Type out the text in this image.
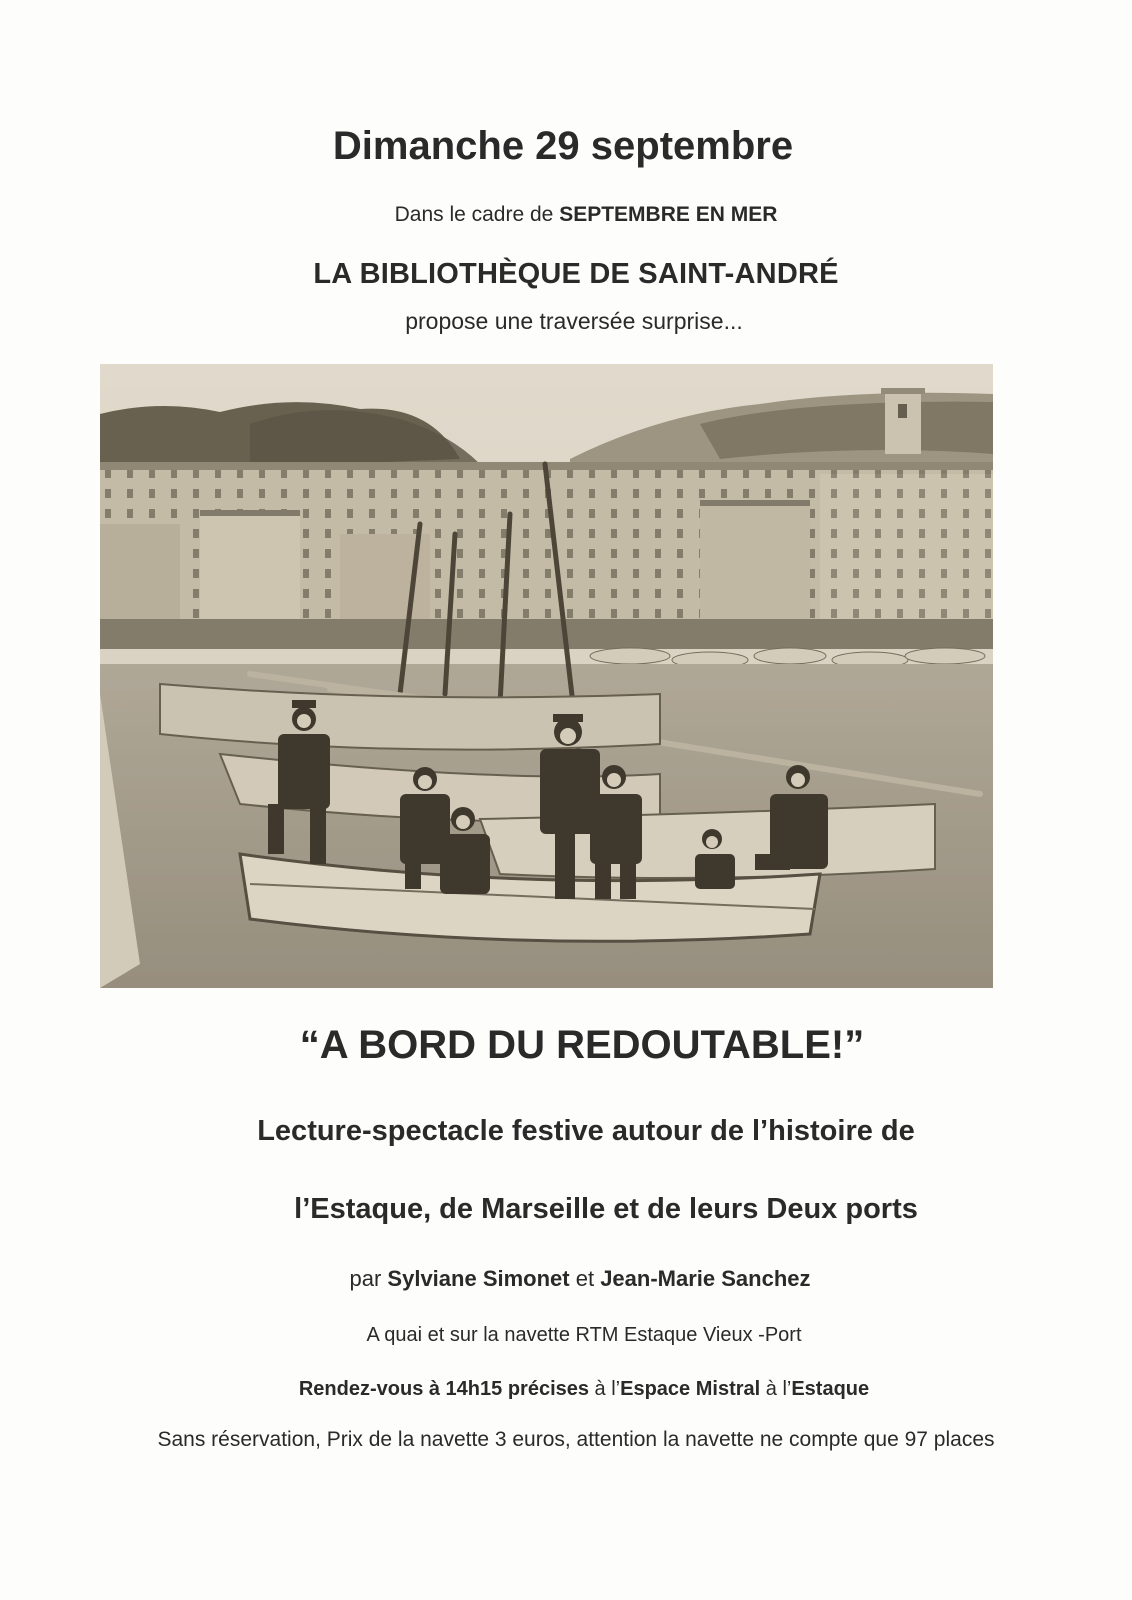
Dimanche 29 septembre
Dans le cadre de SEPTEMBRE EN MER
LA BIBLIOTHÈQUE DE SAINT-ANDRÉ
propose une traversée surprise...
“A BORD DU REDOUTABLE!”
Lecture-spectacle festive autour de l’histoire de
l’Estaque, de Marseille et de leurs Deux ports
par Sylviane Simonet et Jean-Marie Sanchez
A quai et sur la navette RTM Estaque Vieux -Port
Rendez-vous à 14h15 précises à l’Espace Mistral à l’Estaque
Sans réservation, Prix de la navette 3 euros, attention la navette ne compte que 97 places
